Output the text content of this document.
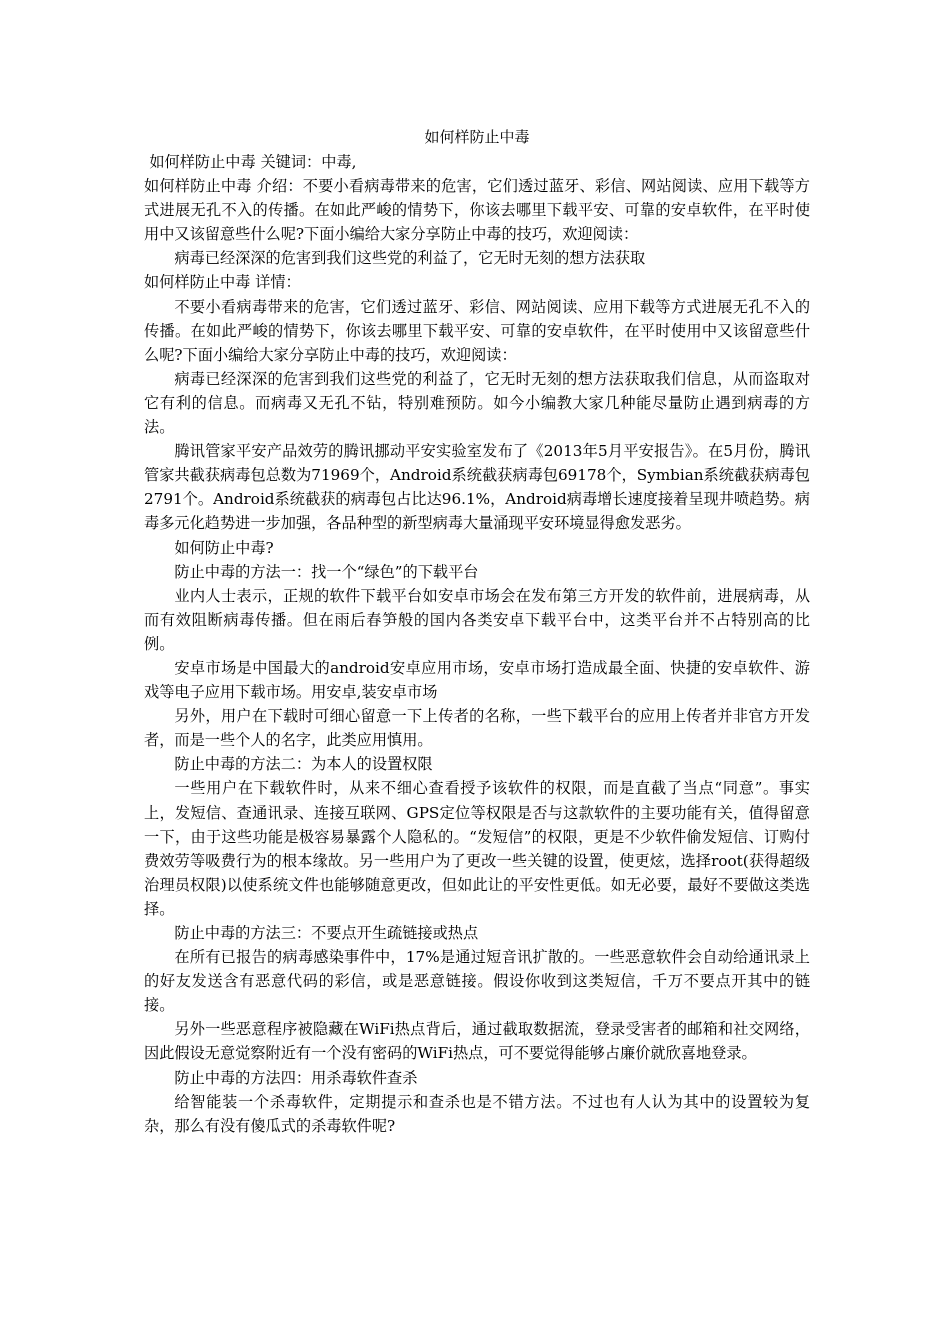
如何样防止中毒

如何样防止中毒 关键词：中毒,

如何样防止中毒 介绍：不要小看病毒带来的危害，它们透过蓝牙、彩信、网站阅读、应用下载等方式进展无孔不入的传播。在如此严峻的情势下，你该去哪里下载平安、可靠的安卓软件，在平时使用中又该留意些什么呢?下面小编给大家分享防止中毒的技巧，欢迎阅读：

病毒已经深深的危害到我们这些党的利益了，它无时无刻的想方法获取

如何样防止中毒 详情：

不要小看病毒带来的危害，它们透过蓝牙、彩信、网站阅读、应用下载等方式进展无孔不入的传播。在如此严峻的情势下，你该去哪里下载平安、可靠的安卓软件，在平时使用中又该留意些什么呢?下面小编给大家分享防止中毒的技巧，欢迎阅读：

病毒已经深深的危害到我们这些党的利益了，它无时无刻的想方法获取我们信息，从而盗取对它有利的信息。而病毒又无孔不钻，特别难预防。如今小编教大家几种能尽量防止遇到病毒的方法。

腾讯管家平安产品效劳的腾讯挪动平安实验室发布了《2013年5月平安报告》。在5月份，腾讯管家共截获病毒包总数为71969个，Android系统截获病毒包69178个，Symbian系统截获病毒包2791个。Android系统截获的病毒包占比达96.1%，Android病毒增长速度接着呈现井喷趋势。病毒多元化趋势进一步加强，各品种型的新型病毒大量涌现平安环境显得愈发恶劣。

如何防止中毒?

防止中毒的方法一：找一个“绿色”的下载平台

业内人士表示，正规的软件下载平台如安卓市场会在发布第三方开发的软件前，进展病毒，从而有效阻断病毒传播。但在雨后春笋般的国内各类安卓下载平台中，这类平台并不占特别高的比例。

安卓市场是中国最大的android安卓应用市场，安卓市场打造成最全面、快捷的安卓软件、游戏等电子应用下载市场。用安卓,装安卓市场

另外，用户在下载时可细心留意一下上传者的名称，一些下载平台的应用上传者并非官方开发者，而是一些个人的名字，此类应用慎用。

防止中毒的方法二：为本人的设置权限

一些用户在下载软件时，从来不细心查看授予该软件的权限，而是直截了当点“同意”。事实上，发短信、查通讯录、连接互联网、GPS定位等权限是否与这款软件的主要功能有关，值得留意一下，由于这些功能是极容易暴露个人隐私的。“发短信”的权限，更是不少软件偷发短信、订购付费效劳等吸费行为的根本缘故。另一些用户为了更改一些关键的设置，使更炫，选择root(获得超级治理员权限)以使系统文件也能够随意更改，但如此让的平安性更低。如无必要，最好不要做这类选择。

防止中毒的方法三：不要点开生疏链接或热点

在所有已报告的病毒感染事件中，17%是通过短音讯扩散的。一些恶意软件会自动给通讯录上的好友发送含有恶意代码的彩信，或是恶意链接。假设你收到这类短信，千万不要点开其中的链接。

另外一些恶意程序被隐藏在WiFi热点背后，通过截取数据流，登录受害者的邮箱和社交网络，因此假设无意觉察附近有一个没有密码的WiFi热点，可不要觉得能够占廉价就欣喜地登录。

防止中毒的方法四：用杀毒软件查杀

给智能装一个杀毒软件，定期提示和查杀也是不错方法。不过也有人认为其中的设置较为复杂，那么有没有傻瓜式的杀毒软件呢?
